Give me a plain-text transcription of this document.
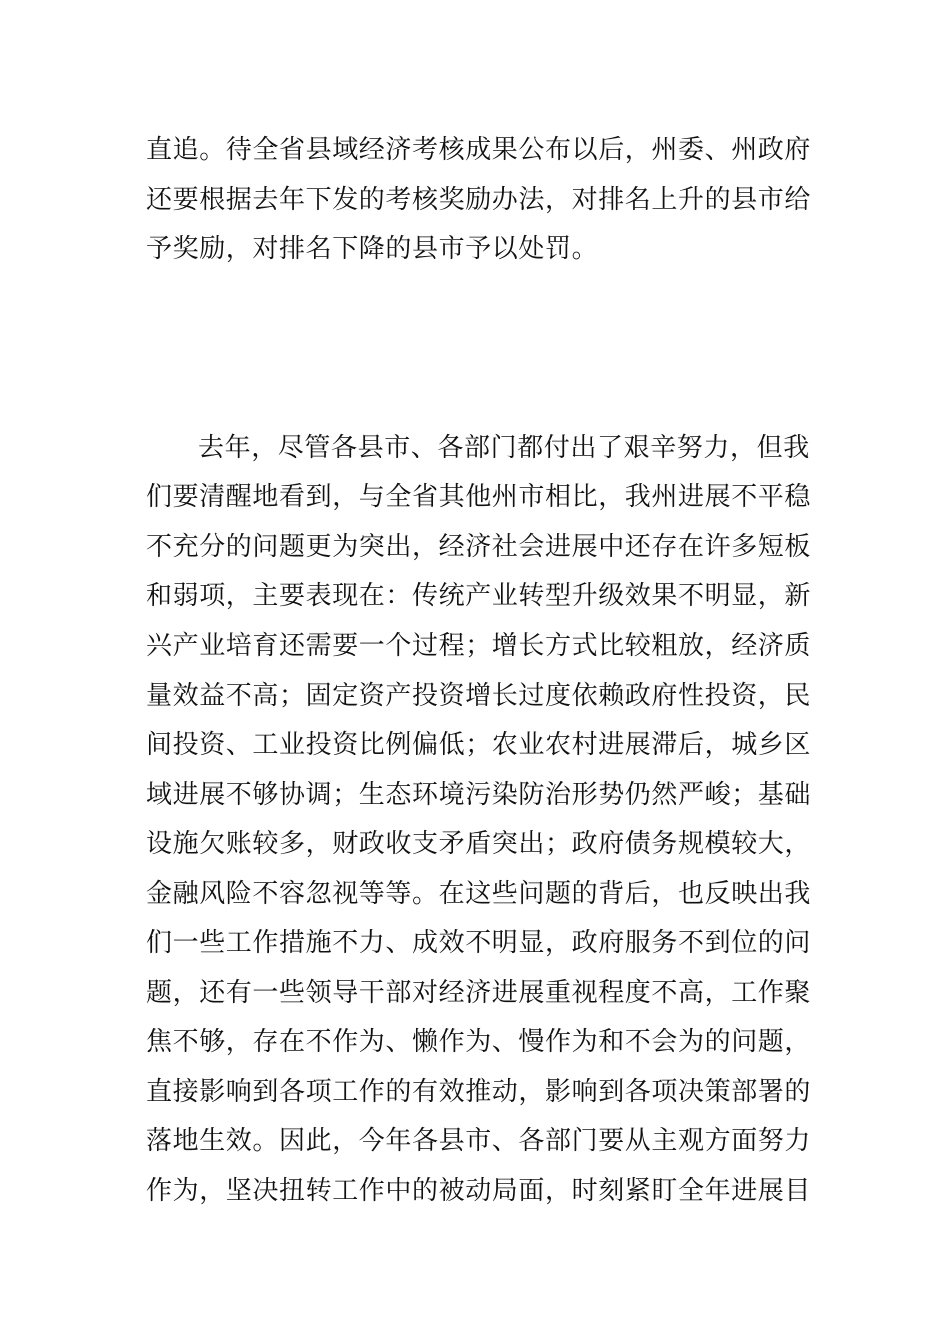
直追。待全省县域经济考核成果公布以后，州委、州政府
还要根据去年下发的考核奖励办法，对排名上升的县市给
予奖励，对排名下降的县市予以处罚。
去年，尽管各县市、各部门都付出了艰辛努力，但我
们要清醒地看到，与全省其他州市相比，我州进展不平稳
不充分的问题更为突出，经济社会进展中还存在许多短板
和弱项，主要表现在：传统产业转型升级效果不明显，新
兴产业培育还需要一个过程；增长方式比较粗放，经济质
量效益不高；固定资产投资增长过度依赖政府性投资，民
间投资、工业投资比例偏低；农业农村进展滞后，城乡区
域进展不够协调；生态环境污染防治形势仍然严峻；基础
设施欠账较多，财政收支矛盾突出；政府债务规模较大，
金融风险不容忽视等等。在这些问题的背后，也反映出我
们一些工作措施不力、成效不明显，政府服务不到位的问
题，还有一些领导干部对经济进展重视程度不高，工作聚
焦不够，存在不作为、懒作为、慢作为和不会为的问题，
直接影响到各项工作的有效推动，影响到各项决策部署的
落地生效。因此，今年各县市、各部门要从主观方面努力
作为，坚决扭转工作中的被动局面，时刻紧盯全年进展目
